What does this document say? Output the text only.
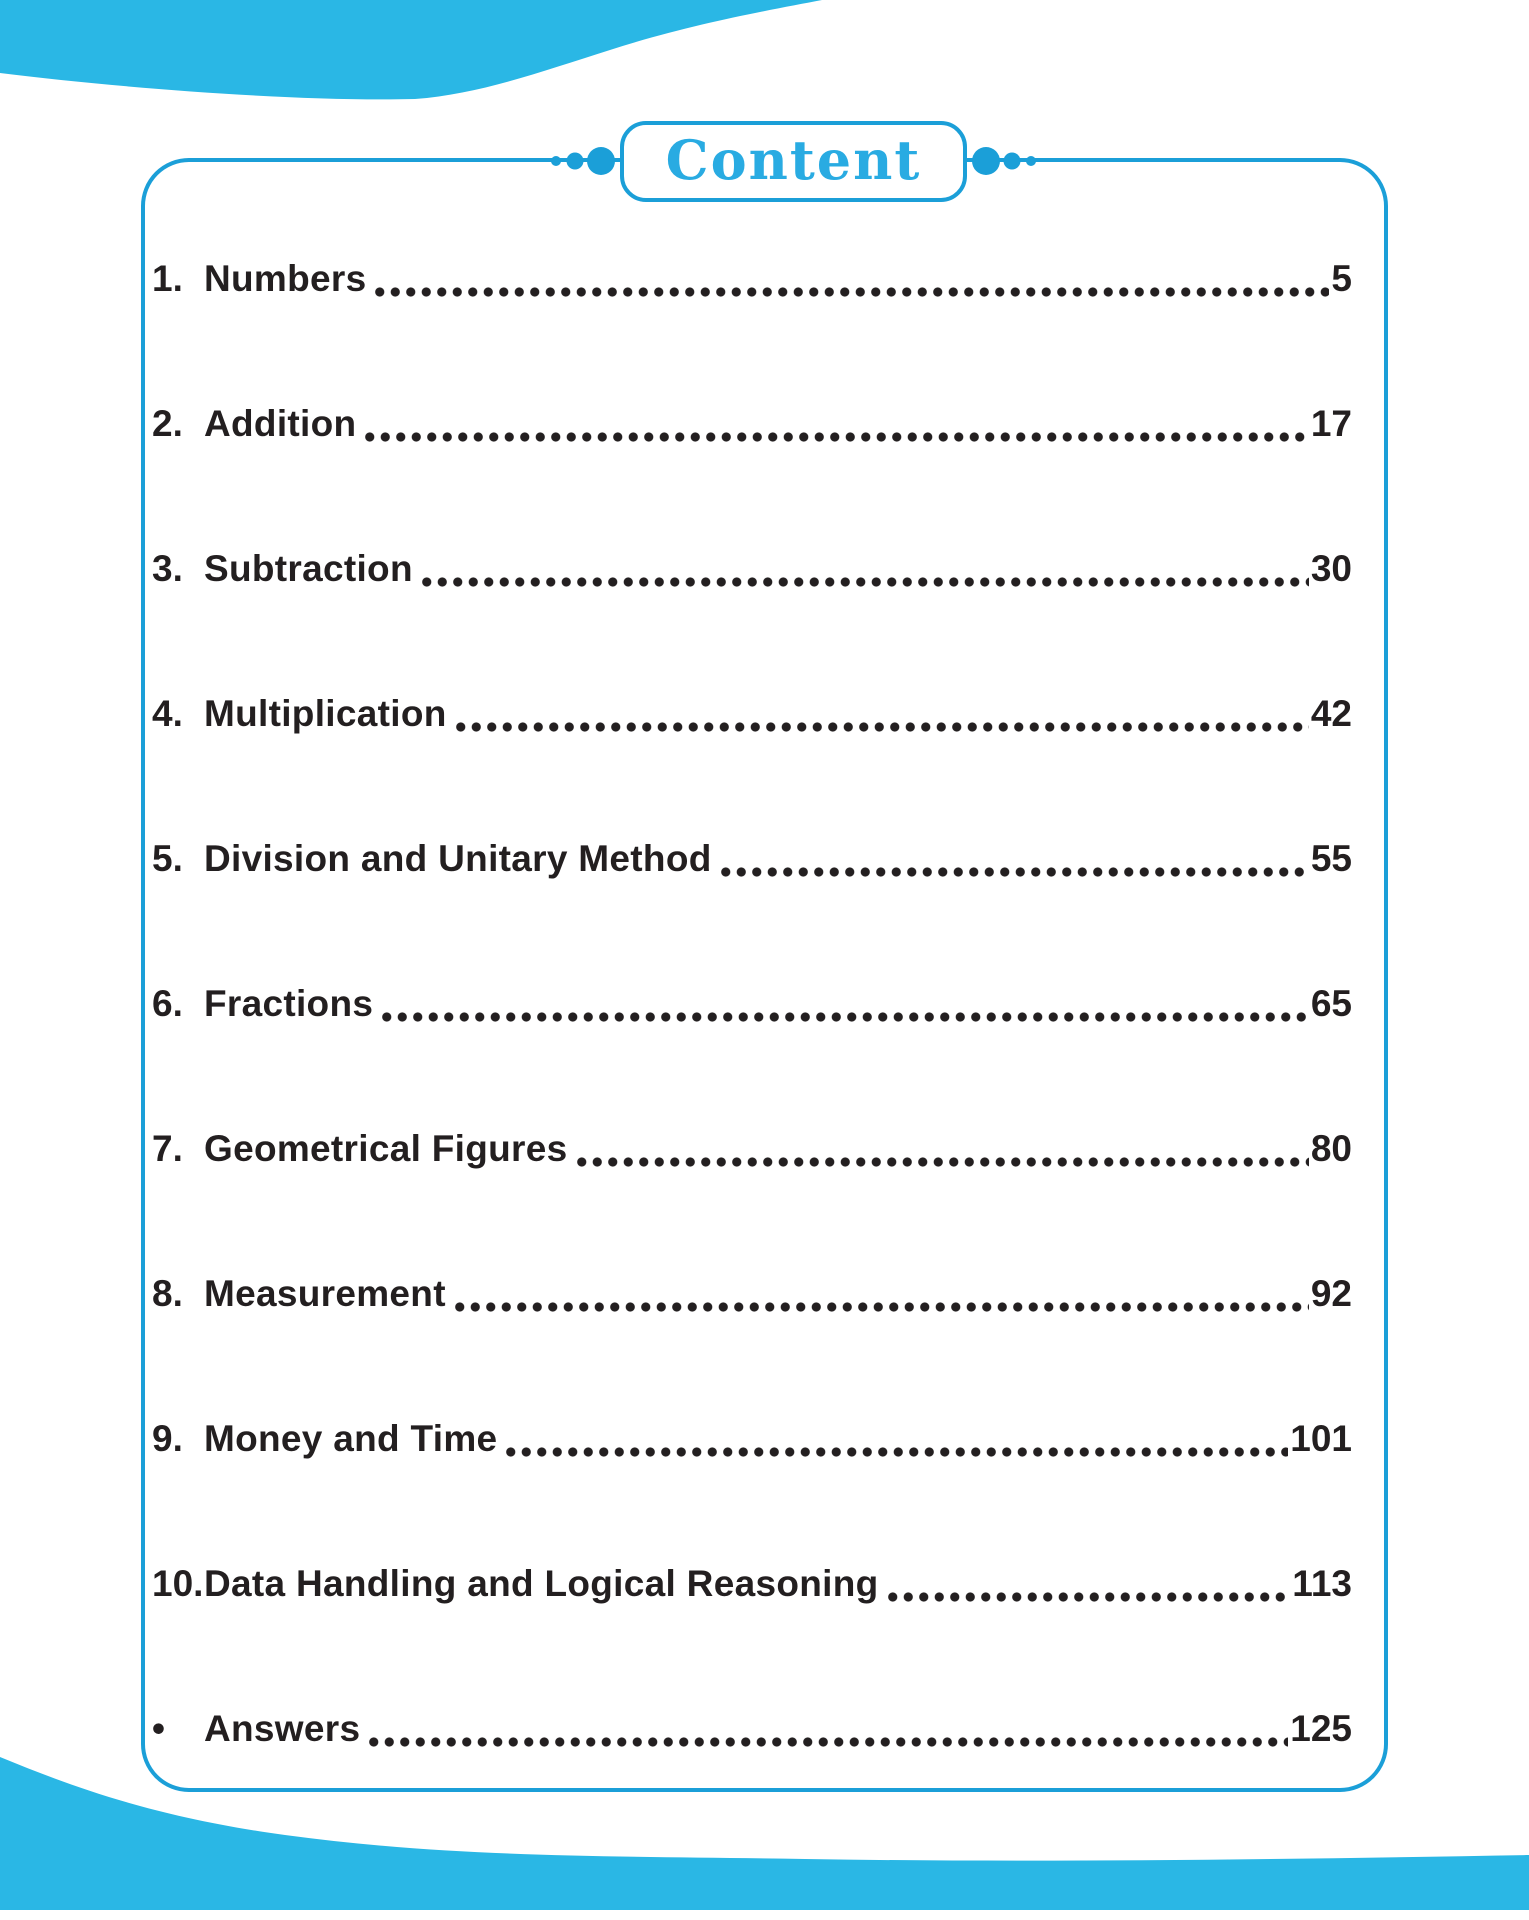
Content
1. Numbers	5
2. Addition	17
3. Subtraction	30
4. Multiplication	42
5. Division and Unitary Method	55
6. Fractions	65
7. Geometrical Figures	80
8. Measurement	92
9. Money and Time	101
10. Data Handling and Logical Reasoning	113
•	Answers	125
